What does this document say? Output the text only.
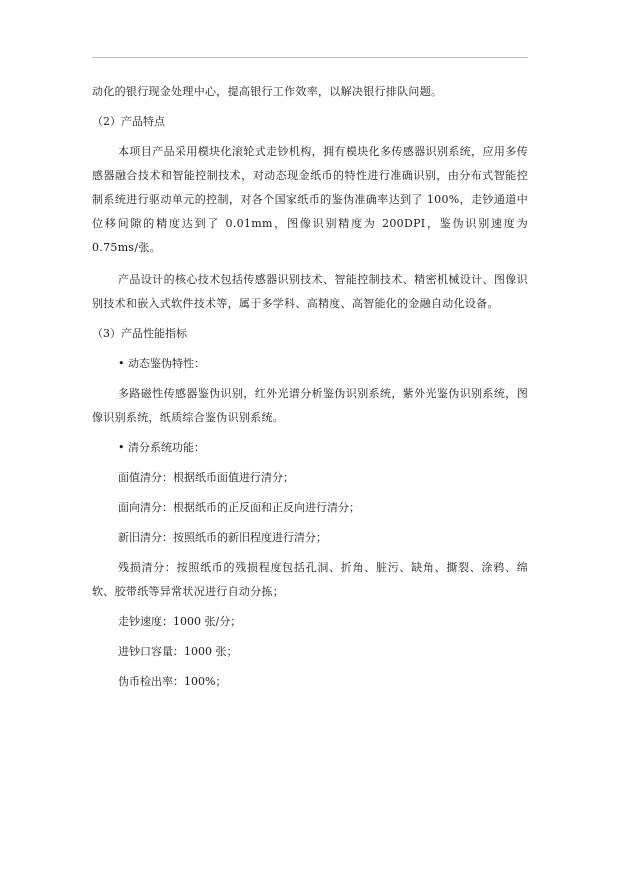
动化的银行现金处理中心，提高银行工作效率，以解决银行排队问题。

（2）产品特点

本项目产品采用模块化滚轮式走钞机构，拥有模块化多传感器识别系统，应用多传感器融合技术和智能控制技术，对动态现金纸币的特性进行准确识别，由分布式智能控制系统进行驱动单元的控制，对各个国家纸币的鉴伪准确率达到了 100%，走钞通道中位移间隙的精度达到了 0.01mm，图像识别精度为 200DPI，鉴伪识别速度为 0.75ms/张。

产品设计的核心技术包括传感器识别技术、智能控制技术、精密机械设计、图像识别技术和嵌入式软件技术等，属于多学科、高精度、高智能化的金融自动化设备。

（3）产品性能指标

• 动态鉴伪特性：

多路磁性传感器鉴伪识别，红外光谱分析鉴伪识别系统，紫外光鉴伪识别系统，图像识别系统，纸质综合鉴伪识别系统。

• 清分系统功能：

面值清分：根据纸币面值进行清分；

面向清分：根据纸币的正反面和正反向进行清分；

新旧清分：按照纸币的新旧程度进行清分；

残损清分：按照纸币的残损程度包括孔洞、折角、脏污、缺角、撕裂、涂鸦、绵软、胶带纸等异常状况进行自动分拣；

走钞速度：1000 张/分；

进钞口容量：1000 张；

伪币检出率：100%；
